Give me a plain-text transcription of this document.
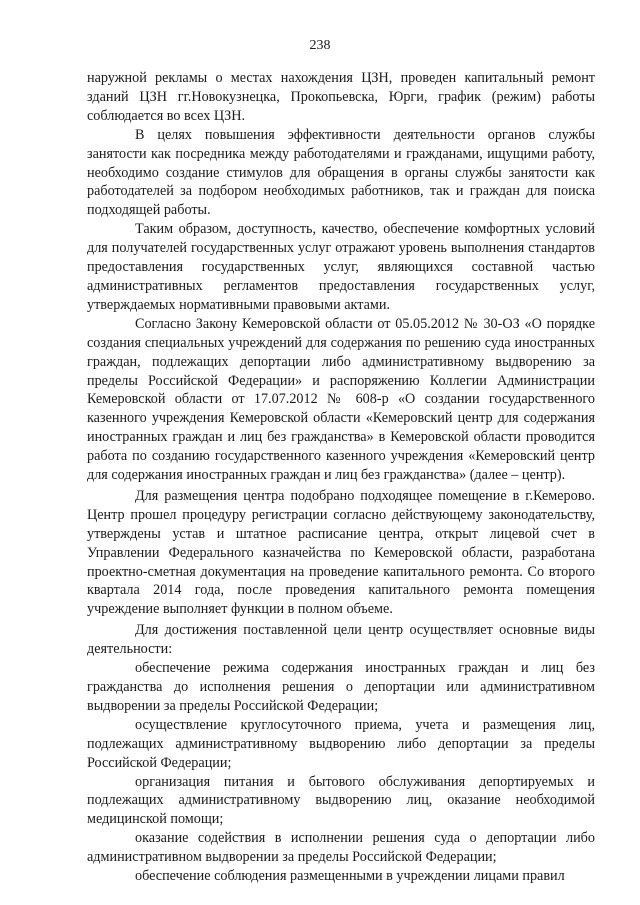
238

наружной рекламы о местах нахождения ЦЗН, проведен капитальный ремонт зданий ЦЗН гг.Новокузнецка, Прокопьевска, Юрги, график (режим) работы соблюдается во всех ЦЗН.

В целях повышения эффективности деятельности органов службы занятости как посредника между работодателями и гражданами, ищущими работу, необходимо создание стимулов для обращения в органы службы занятости как работодателей за подбором необходимых работников, так и граждан для поиска подходящей работы.

Таким образом, доступность, качество, обеспечение комфортных условий для получателей государственных услуг отражают уровень выполнения стандартов предоставления государственных услуг, являющихся составной частью административных регламентов предоставления государственных услуг, утверждаемых нормативными правовыми актами.

Согласно Закону Кемеровской области от 05.05.2012 № 30-ОЗ «О порядке создания специальных учреждений для содержания по решению суда иностранных граждан, подлежащих депортации либо административному выдворению за пределы Российской Федерации» и распоряжению Коллегии Администрации Кемеровской области от 17.07.2012 № 608-р «О создании государственного казенного учреждения Кемеровской области «Кемеровский центр для содержания иностранных граждан и лиц без гражданства» в Кемеровской области проводится работа по созданию государственного казенного учреждения «Кемеровский центр для содержания иностранных граждан и лиц без гражданства» (далее – центр).

Для размещения центра подобрано подходящее помещение в г.Кемерово. Центр прошел процедуру регистрации согласно действующему законодательству, утверждены устав и штатное расписание центра, открыт лицевой счет в Управлении Федерального казначейства по Кемеровской области, разработана проектно-сметная документация на проведение капитального ремонта. Со второго квартала 2014 года, после проведения капитального ремонта помещения учреждение выполняет функции в полном объеме.

Для достижения поставленной цели центр осуществляет основные виды деятельности:

обеспечение режима содержания иностранных граждан и лиц без гражданства до исполнения решения о депортации или административном выдворении за пределы Российской Федерации;

осуществление круглосуточного приема, учета и размещения лиц, подлежащих административному выдворению либо депортации за пределы Российской Федерации;

организация питания и бытового обслуживания депортируемых и подлежащих административному выдворению лиц, оказание необходимой медицинской помощи;

оказание содействия в исполнении решения суда о депортации либо административном выдворении за пределы Российской Федерации;

обеспечение соблюдения размещенными в учреждении лицами правил
